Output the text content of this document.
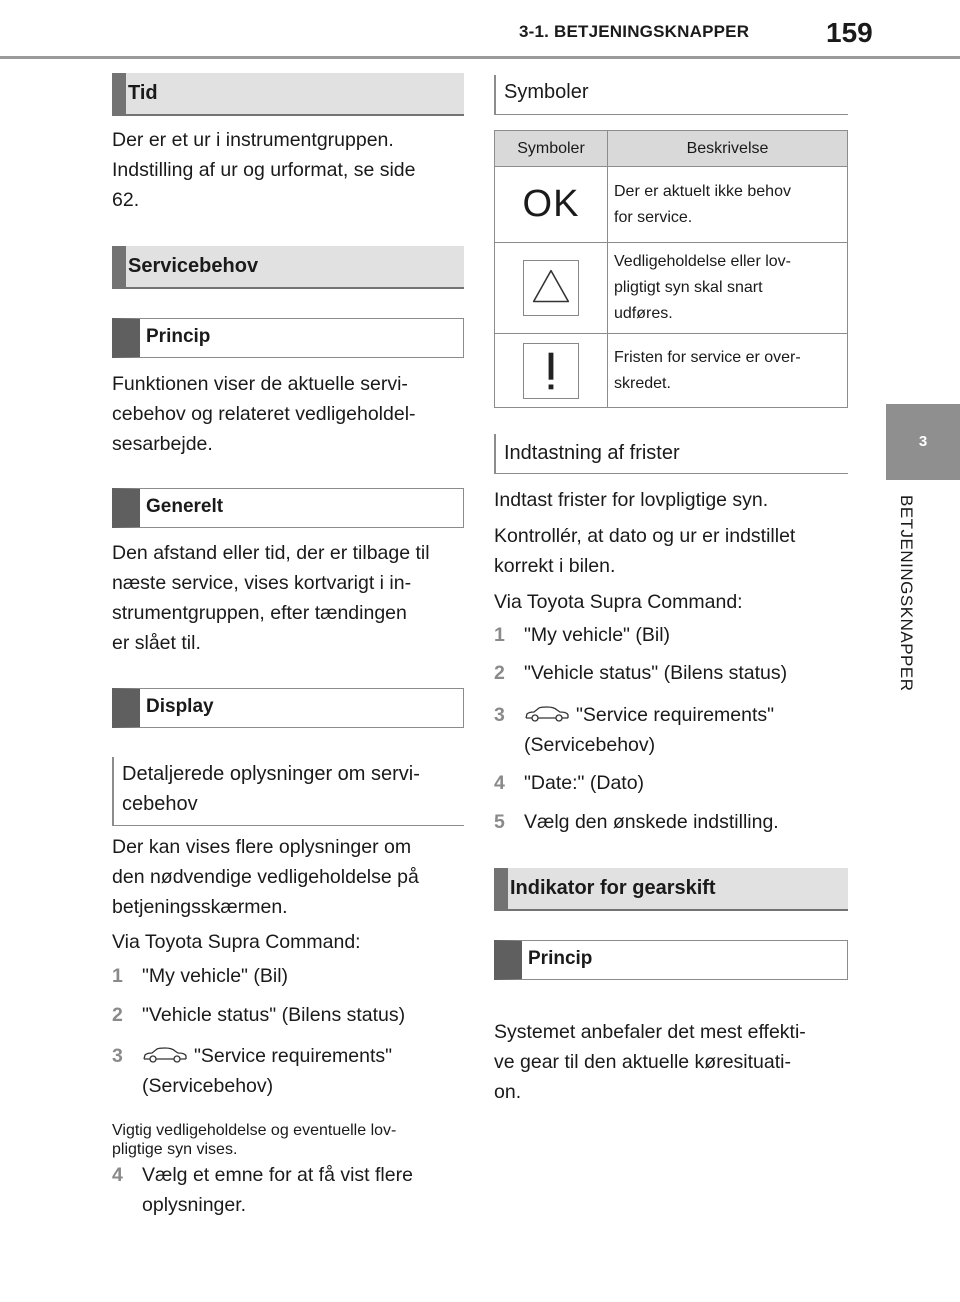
3-1. BETJENINGSKNAPPER	159
3
BETJENINGSKNAPPER
Tid
Der er et ur i instrumentgruppen.
Indstilling af ur og urformat, se side
62.
Servicebehov
Princip
Funktionen viser de aktuelle servi-
cebehov og relateret vedligeholdel-
sesarbejde.
Generelt
Den afstand eller tid, der er tilbage til
næste service, vises kortvarigt i in-
strumentgruppen, efter tændingen
er slået til.
Display
Detaljerede oplysninger om servi-
cebehov
Der kan vises flere oplysninger om
den nødvendige vedligeholdelse på
betjeningsskærmen.
Via Toyota Supra Command:
1 "My vehicle" (Bil)
2 "Vehicle status" (Bilens status)
3	"Service requirements"
(Servicebehov)
Vigtig vedligeholdelse og eventuelle lov-
pligtige syn vises.
4 Vælg et emne for at få vist flere
oplysninger.
Symboler
Symboler	Beskrivelse
OK	Der er aktuelt ikke behov
for service.

Vedligeholdelse eller lov-
pligtigt syn skal snart
udføres.

Fristen for service er over-
skredet.
Indtastning af frister
Indtast frister for lovpligtige syn.
Kontrollér, at dato og ur er indstillet
korrekt i bilen.
Via Toyota Supra Command:
1 "My vehicle" (Bil)
2 "Vehicle status" (Bilens status)
3	"Service requirements"
(Servicebehov)
4 "Date:" (Dato)
5 Vælg den ønskede indstilling.
Indikator for gearskift
Princip
Systemet anbefaler det mest effekti-
ve gear til den aktuelle køresituati-
on.
